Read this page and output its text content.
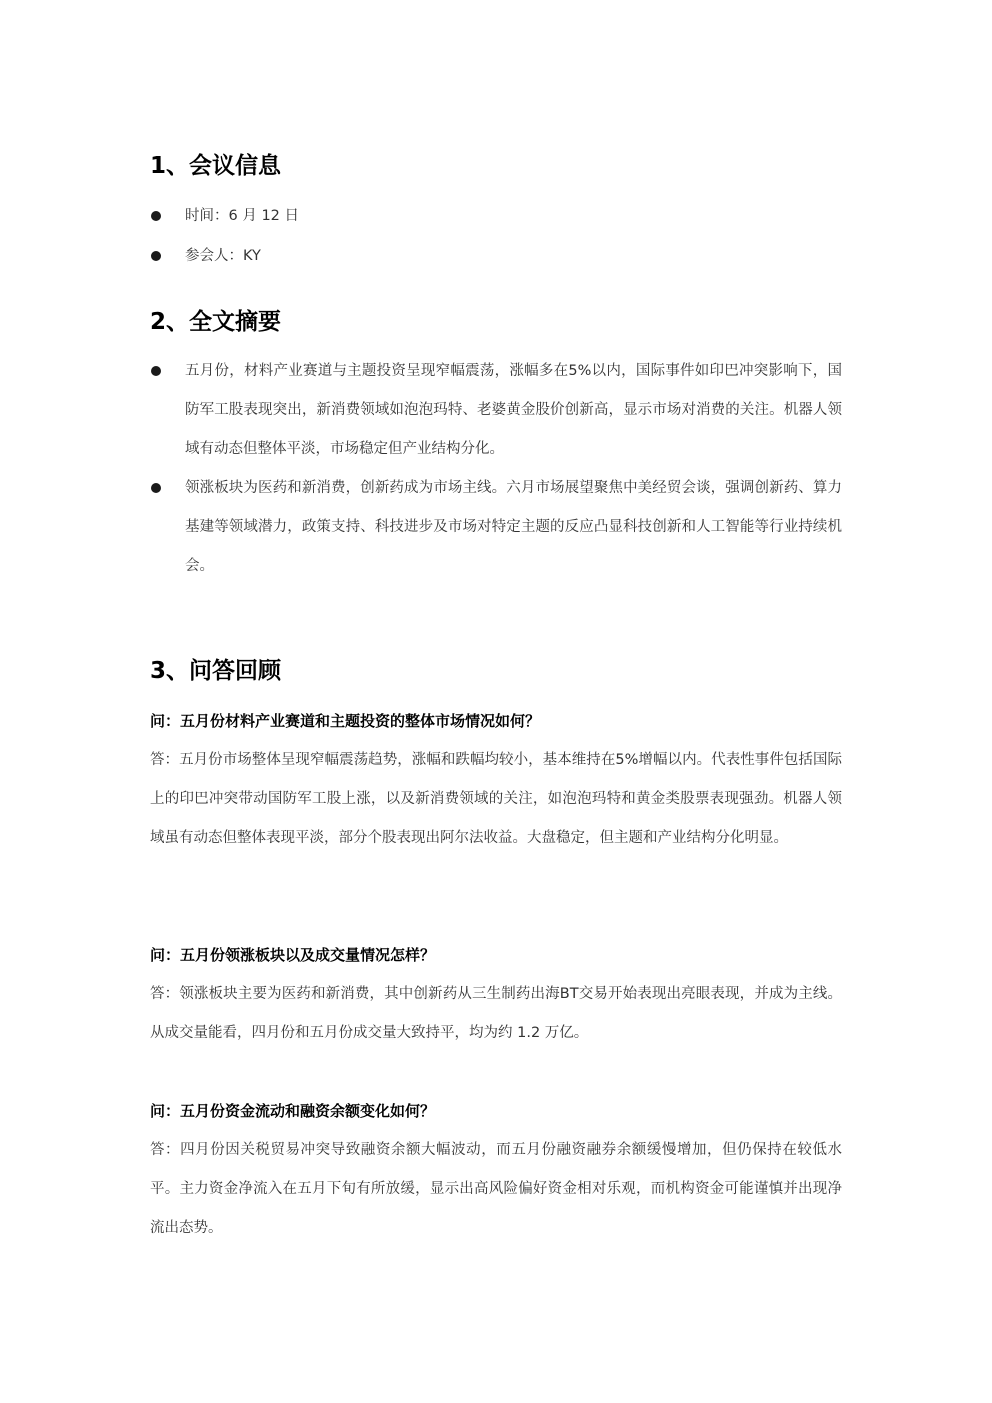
1、会议信息
时间：6 月 12 日
参会人：KY
2、全文摘要
五月份，材料产业赛道与主题投资呈现窄幅震荡，涨幅多在5%以内，国际事件如印巴冲突影响下，国防军工股表现突出，新消费领域如泡泡玛特、老婆黄金股价创新高，显示市场对消费的关注。机器人领域有动态但整体平淡，市场稳定但产业结构分化。
领涨板块为医药和新消费，创新药成为市场主线。六月市场展望聚焦中美经贸会谈，强调创新药、算力基建等领域潜力，政策支持、科技进步及市场对特定主题的反应凸显科技创新和人工智能等行业持续机会。
3、问答回顾
问：五月份材料产业赛道和主题投资的整体市场情况如何？
答：五月份市场整体呈现窄幅震荡趋势，涨幅和跌幅均较小，基本维持在5%增幅以内。代表性事件包括国际上的印巴冲突带动国防军工股上涨，以及新消费领域的关注，如泡泡玛特和黄金类股票表现强劲。机器人领域虽有动态但整体表现平淡，部分个股表现出阿尔法收益。大盘稳定，但主题和产业结构分化明显。
问：五月份领涨板块以及成交量情况怎样？
答：领涨板块主要为医药和新消费，其中创新药从三生制药出海BT交易开始表现出亮眼表现，并成为主线。从成交量能看，四月份和五月份成交量大致持平，均为约 1.2 万亿。
问：五月份资金流动和融资余额变化如何？
答：四月份因关税贸易冲突导致融资余额大幅波动，而五月份融资融券余额缓慢增加，但仍保持在较低水平。主力资金净流入在五月下旬有所放缓，显示出高风险偏好资金相对乐观，而机构资金可能谨慎并出现净流出态势。
